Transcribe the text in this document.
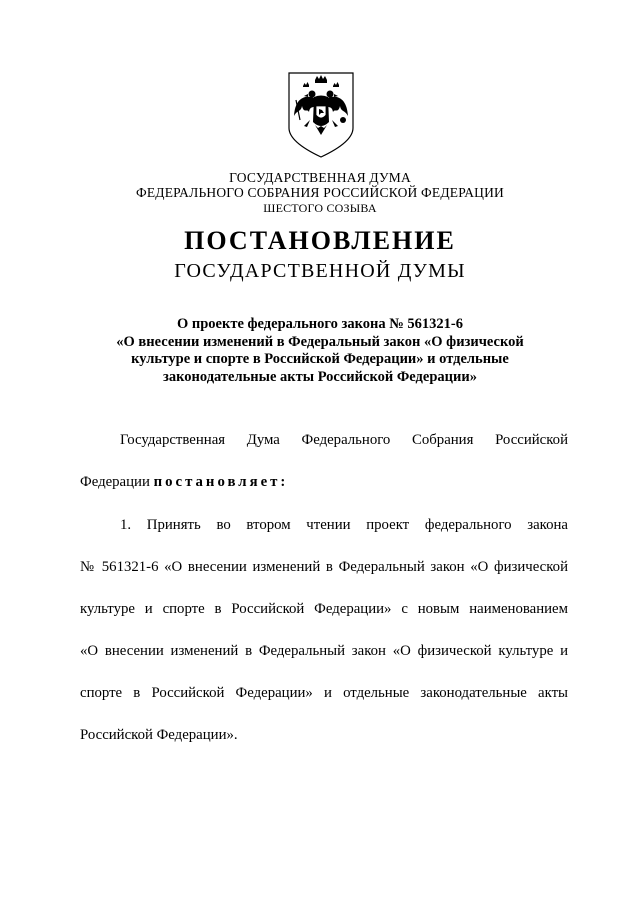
ГОСУДАРСТВЕННАЯ ДУМА
ФЕДЕРАЛЬНОГО СОБРАНИЯ РОССИЙСКОЙ ФЕДЕРАЦИИ
ШЕСТОГО СОЗЫВА
ПОСТАНОВЛЕНИЕ
ГОСУДАРСТВЕННОЙ ДУМЫ
О проекте федерального закона № 561321-6
«О внесении изменений в Федеральный закон «О физической
культуре и спорте в Российской Федерации» и отдельные
законодательные акты Российской Федерации»
Государственная Дума Федерального Собрания Российской
Федерации постановляет:
1. Принять во втором чтении проект федерального закона
№ 561321-6 «О внесении изменений в Федеральный закон «О физической
культуре и спорте в Российской Федерации» с новым наименованием
«О внесении изменений в Федеральный закон «О физической культуре и
спорте в Российской Федерации» и отдельные законодательные акты
Российской Федерации».
